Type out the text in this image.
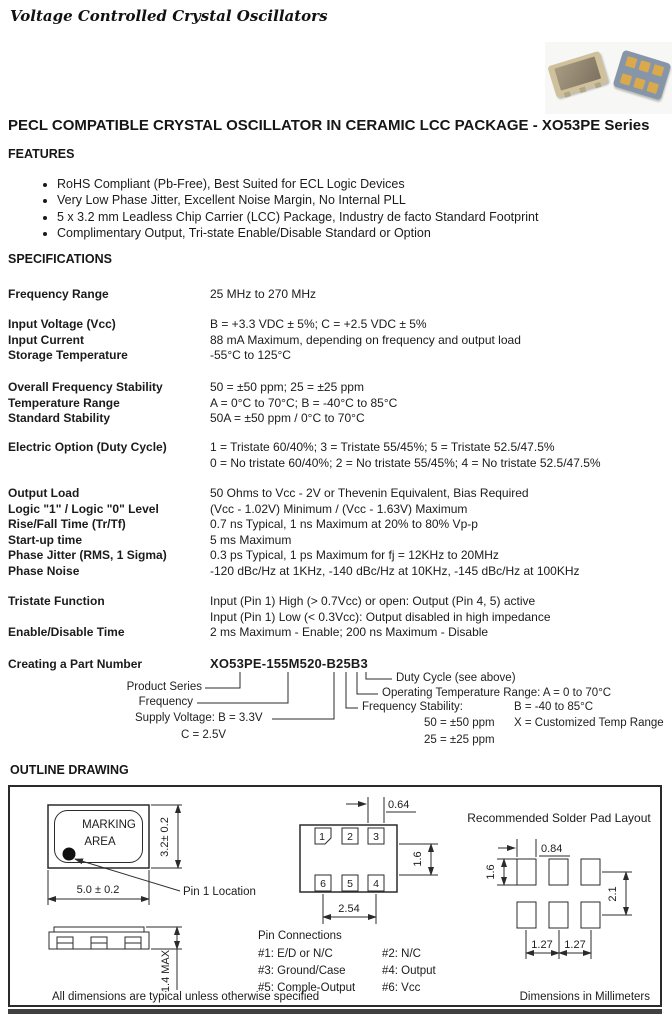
Voltage Controlled Crystal Oscillators
PECL COMPATIBLE CRYSTAL OSCILLATOR IN CERAMIC LCC PACKAGE - XO53PE Series
FEATURES
• RoHS Compliant (Pb-Free), Best Suited for ECL Logic Devices
• Very Low Phase Jitter, Excellent Noise Margin, No Internal PLL
• 5 x 3.2 mm Leadless Chip Carrier (LCC) Package, Industry de facto Standard Footprint
• Complimentary Output, Tri-state Enable/Disable Standard or Option
SPECIFICATIONS
Frequency Range	25 MHz to 270 MHz
Input Voltage (Vcc)	B = +3.3 VDC ± 5%; C = +2.5 VDC ± 5%
Input Current	88 mA Maximum, depending on frequency and output load
Storage Temperature	-55°C to 125°C
Overall Frequency Stability	50 = ±50 ppm; 25 = ±25 ppm
Temperature Range	A = 0°C to 70°C; B = -40°C to 85°C
Standard Stability	50A = ±50 ppm / 0°C to 70°C
Electric Option (Duty Cycle)	1 = Tristate 60/40%; 3 = Tristate 55/45%; 5 = Tristate 52.5/47.5%
0 = No tristate 60/40%; 2 = No tristate 55/45%; 4 = No tristate 52.5/47.5%
Output Load	50 Ohms to Vcc - 2V or Thevenin Equivalent, Bias Required
Logic "1" / Logic "0" Level	(Vcc - 1.02V) Minimum / (Vcc - 1.63V) Maximum
Rise/Fall Time (Tr/Tf)	0.7 ns Typical, 1 ns Maximum at 20% to 80% Vp-p
Start-up time	5 ms Maximum
Phase Jitter (RMS, 1 Sigma)	0.3 ps Typical, 1 ps Maximum for fj = 12KHz to 20MHz
Phase Noise	-120 dBc/Hz at 1KHz, -140 dBc/Hz at 10KHz, -145 dBc/Hz at 100KHz
Tristate Function	Input (Pin 1) High (> 0.7Vcc) or open: Output (Pin 4, 5) active
Input (Pin 1) Low (< 0.3Vcc): Output disabled in high impedance
Enable/Disable Time	2 ms Maximum - Enable; 200 ns Maximum - Disable
Creating a Part Number	XO53PE-155M520-B25B3
Product Series
Frequency
Supply Voltage: B = 3.3V
C = 2.5V
Duty Cycle (see above)
Operating Temperature Range: A = 0 to 70°C
B = -40 to 85°C
X = Customized Temp Range
Frequency Stability:
50 = ±50 ppm
25 = ±25 ppm
OUTLINE DRAWING
MARKING
AREA	3.2± 0.2
5.0 ± 0.2	Pin 1 Location
1.4 MAX
1 2 3
6 5 4
0.64
1.6
2.54
Pin Connections
#1: E/D or N/C	#2: N/C
#3: Ground/Case	#4: Output
#5: Comple-Output #6: Vcc
Recommended Solder Pad Layout
0.84
1.6
2.1
1.27 1.27
All dimensions are typical unless otherwise specified	Dimensions in Millimeters
